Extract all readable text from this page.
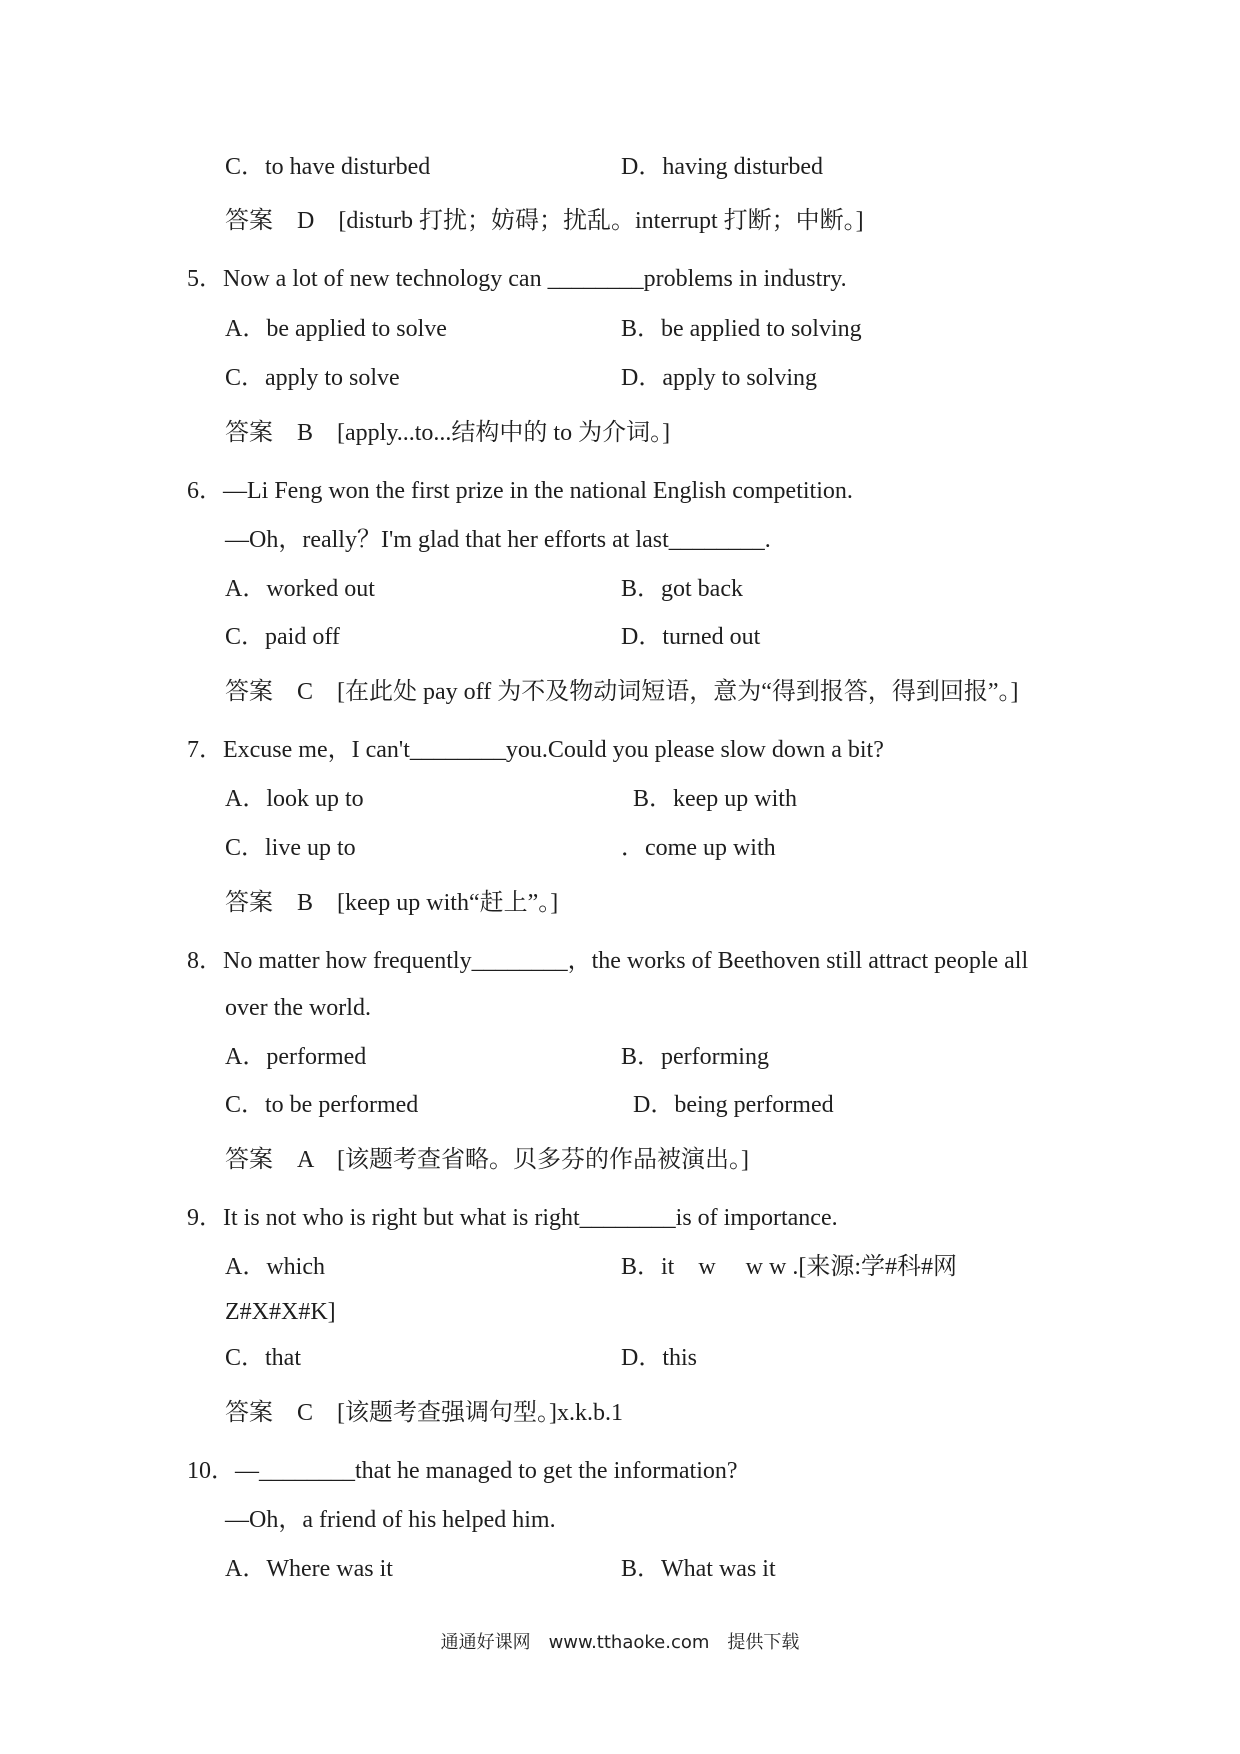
C．to have disturbed	D．having disturbed
答案　D　[disturb 打扰；妨碍；扰乱。interrupt 打断；中断。]
5．Now a lot of new technology can ________problems in industry.
A．be applied to solve	B．be applied to solving
C．apply to solve	D．apply to solving
答案　B　[apply...to...结构中的 to 为介词。]
6．—Li Feng won the first prize in the national English competition.
—Oh，really？I'm glad that her efforts at last________.
A．worked out	B．got back
C．paid off	D．turned out
答案　C　[在此处 pay off 为不及物动词短语，意为“得到报答，得到回报”。]
7．Excuse me，I can't________you.Could you please slow down a bit?
A．look up to	B．keep up with
C．live up to	．come up with
答案　B　[keep up with“赶上”。]
8．No matter how frequently________，the works of Beethoven still attract people all
over the world.
A．performed	B．performing
C．to be performed	D．being performed
答案　A　[该题考查省略。贝多芬的作品被演出。]
9．It is not who is right but what is right________is of importance.
A．which	B．it　w　 w w .[来源:学#科#网
Z#X#X#K]
C．that	D．this
答案　C　[该题考查强调句型。]x.k.b.1
10．—________that he managed to get the information?
—Oh，a friend of his helped him.
A．Where was it	B．What was it
通通好课网　www.tthaoke.com　提供下载
